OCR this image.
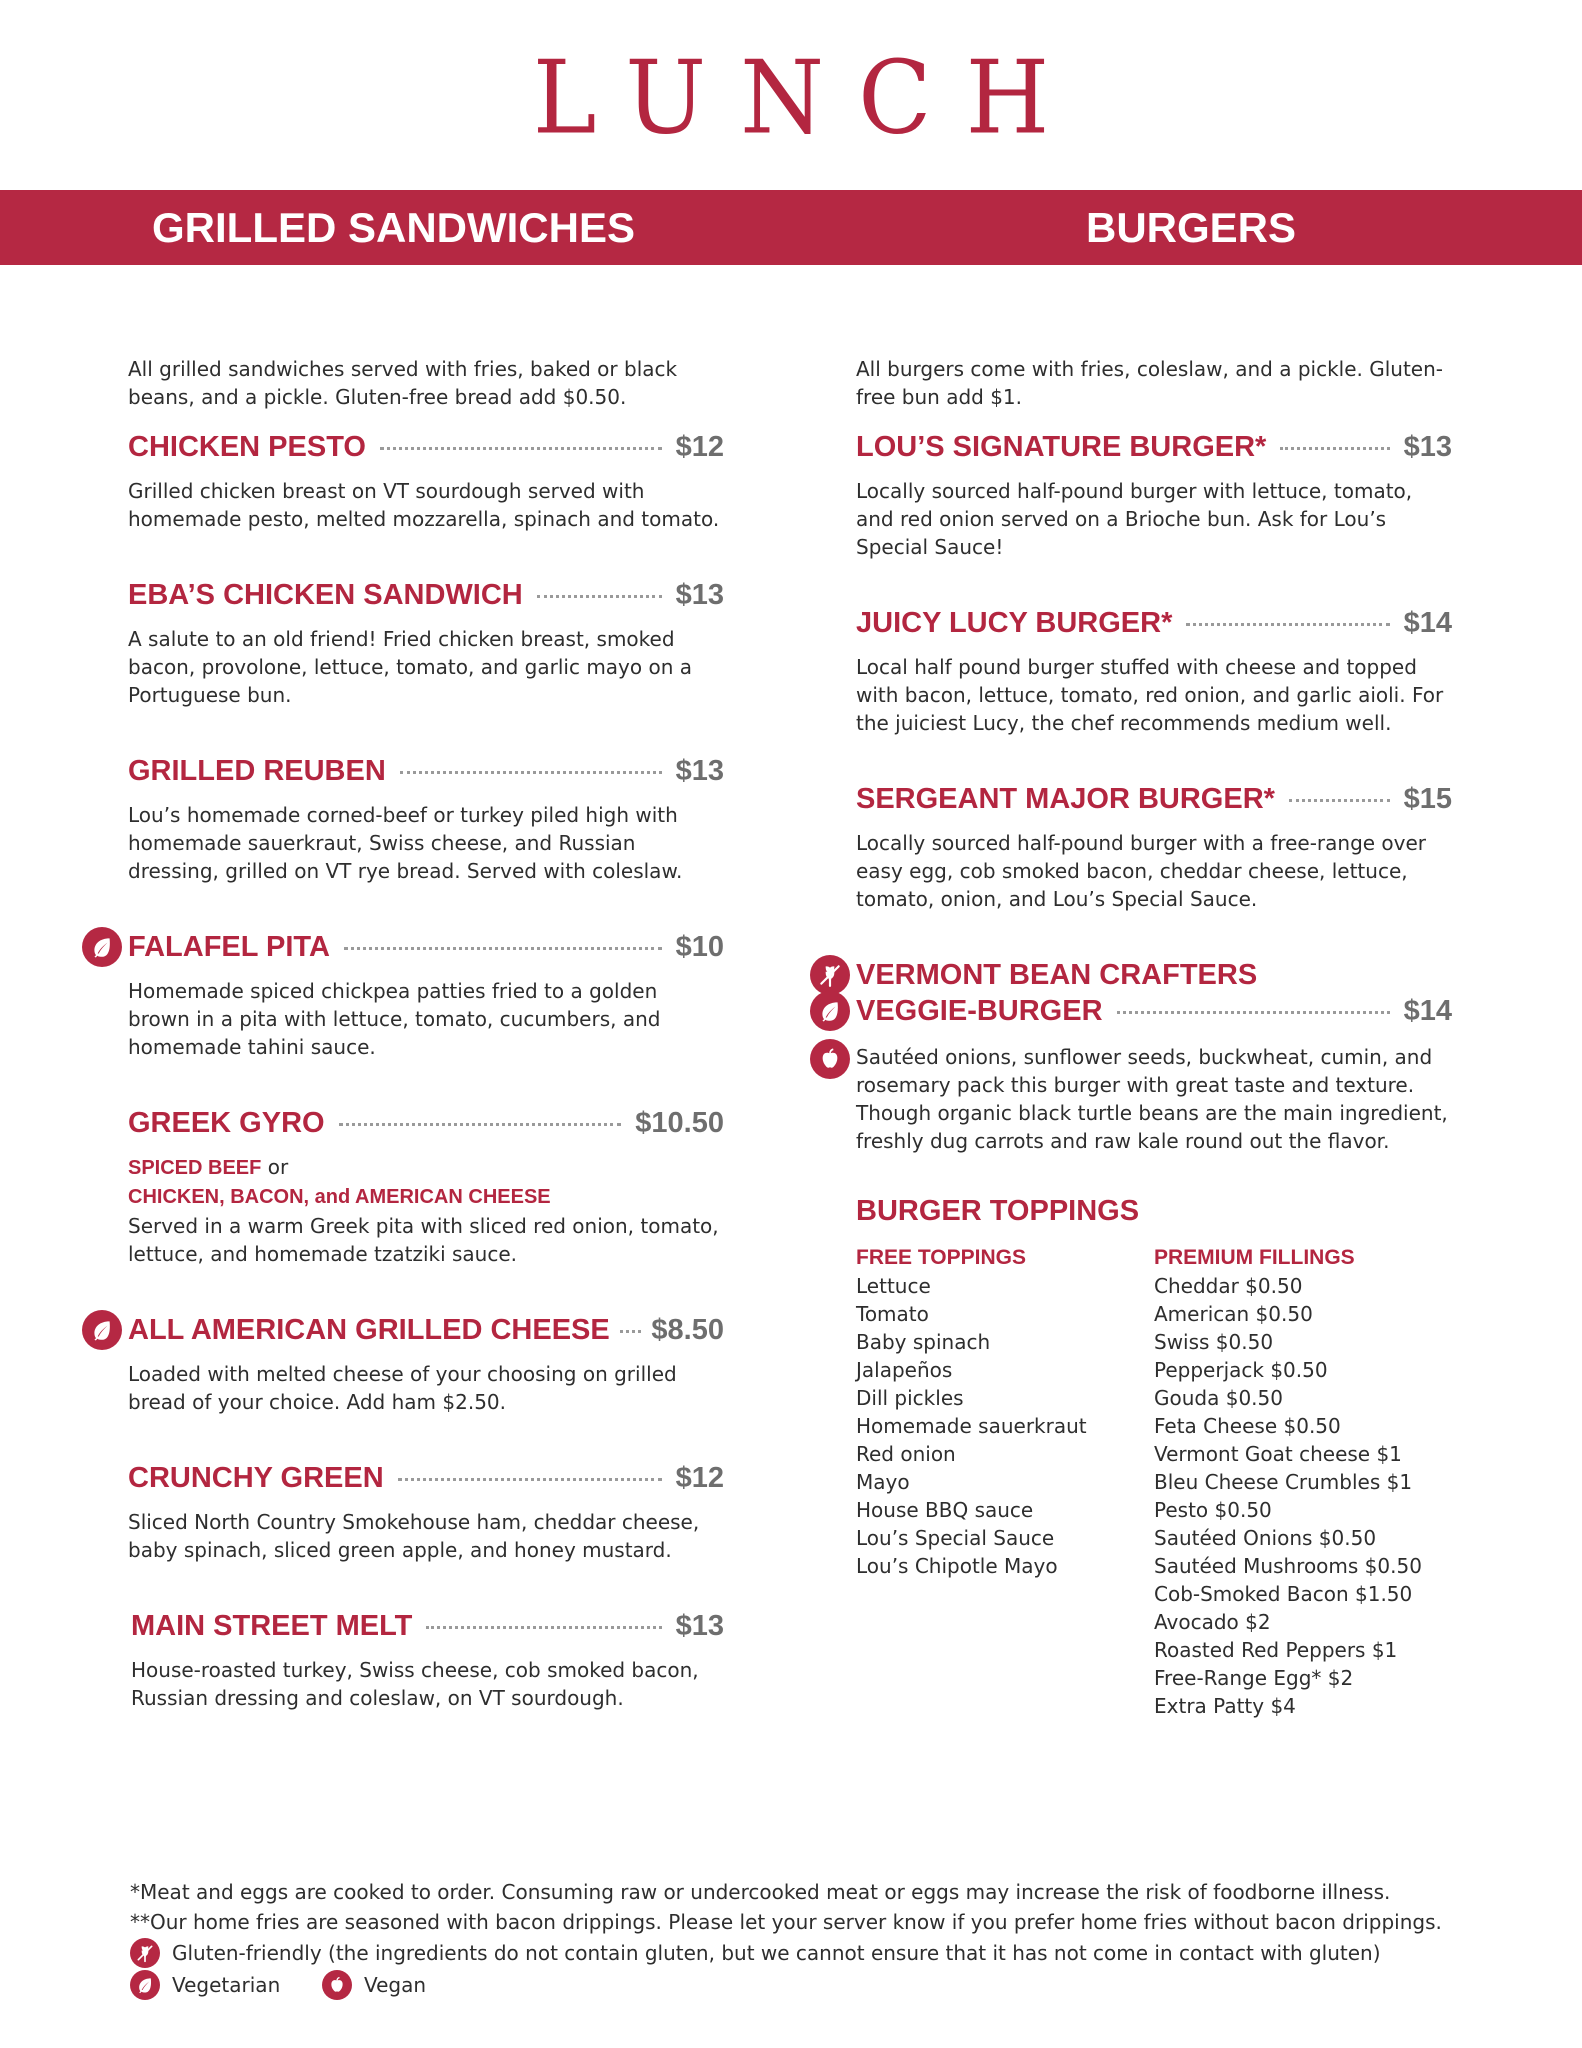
LUNCH
GRILLED SANDWICHES	BURGERS
All grilled sandwiches served with fries, baked or black beans, and a pickle. Gluten-free bread add $0.50.
CHICKEN PESTO	$12
Grilled chicken breast on VT sourdough served with homemade pesto, melted mozzarella, spinach and tomato.
EBA’S CHICKEN SANDWICH	$13
A salute to an old friend! Fried chicken breast, smoked bacon, provolone, lettuce, tomato, and garlic mayo on a Portuguese bun.
GRILLED REUBEN	$13
Lou’s homemade corned-beef or turkey piled high with homemade sauerkraut, Swiss cheese, and Russian dressing, grilled on VT rye bread. Served with coleslaw.
FALAFEL PITA	$10
Homemade spiced chickpea patties fried to a golden brown in a pita with lettuce, tomato, cucumbers, and homemade tahini sauce.
GREEK GYRO	$10.50
SPICED BEEF or
CHICKEN, BACON, and AMERICAN CHEESE
Served in a warm Greek pita with sliced red onion, tomato, lettuce, and homemade tzatziki sauce.
ALL AMERICAN GRILLED CHEESE $8.50
Loaded with melted cheese of your choosing on grilled bread of your choice. Add ham $2.50.
CRUNCHY GREEN	$12
Sliced North Country Smokehouse ham, cheddar cheese, baby spinach, sliced green apple, and honey mustard.
MAIN STREET MELT	$13
House-roasted turkey, Swiss cheese, cob smoked bacon, Russian dressing and coleslaw, on VT sourdough.
All burgers come with fries, coleslaw, and a pickle. Gluten-free bun add $1.
LOU’S SIGNATURE BURGER*	$13
Locally sourced half-pound burger with lettuce, tomato, and red onion served on a Brioche bun. Ask for Lou’s Special Sauce!
JUICY LUCY BURGER*	$14
Local half pound burger stuffed with cheese and topped with bacon, lettuce, tomato, red onion, and garlic aioli. For the juiciest Lucy, the chef recommends medium well.
SERGEANT MAJOR BURGER*	$15
Locally sourced half-pound burger with a free-range over easy egg, cob smoked bacon, cheddar cheese, lettuce, tomato, onion, and Lou’s Special Sauce.
VERMONT BEAN CRAFTERS
VEGGIE-BURGER	$14
Sautéed onions, sunflower seeds, buckwheat, cumin, and rosemary pack this burger with great taste and texture. Though organic black turtle beans are the main ingredient, freshly dug carrots and raw kale round out the flavor.
BURGER TOPPINGS
FREE TOPPINGS
Lettuce
Tomato
Baby spinach
Jalapeños
Dill pickles
Homemade sauerkraut
Red onion
Mayo
House BBQ sauce
Lou’s Special Sauce
Lou’s Chipotle Mayo
PREMIUM FILLINGS
Cheddar $0.50
American $0.50
Swiss $0.50
Pepperjack $0.50
Gouda $0.50
Feta Cheese $0.50
Vermont Goat cheese $1
Bleu Cheese Crumbles $1
Pesto $0.50
Sautéed Onions $0.50
Sautéed Mushrooms $0.50
Cob-Smoked Bacon $1.50
Avocado $2
Roasted Red Peppers $1
Free-Range Egg* $2
Extra Patty $4
*Meat and eggs are cooked to order. Consuming raw or undercooked meat or eggs may increase the risk of foodborne illness.
**Our home fries are seasoned with bacon drippings. Please let your server know if you prefer home fries without bacon drippings.
Gluten-friendly (the ingredients do not contain gluten, but we cannot ensure that it has not come in contact with gluten)
Vegetarian	Vegan
